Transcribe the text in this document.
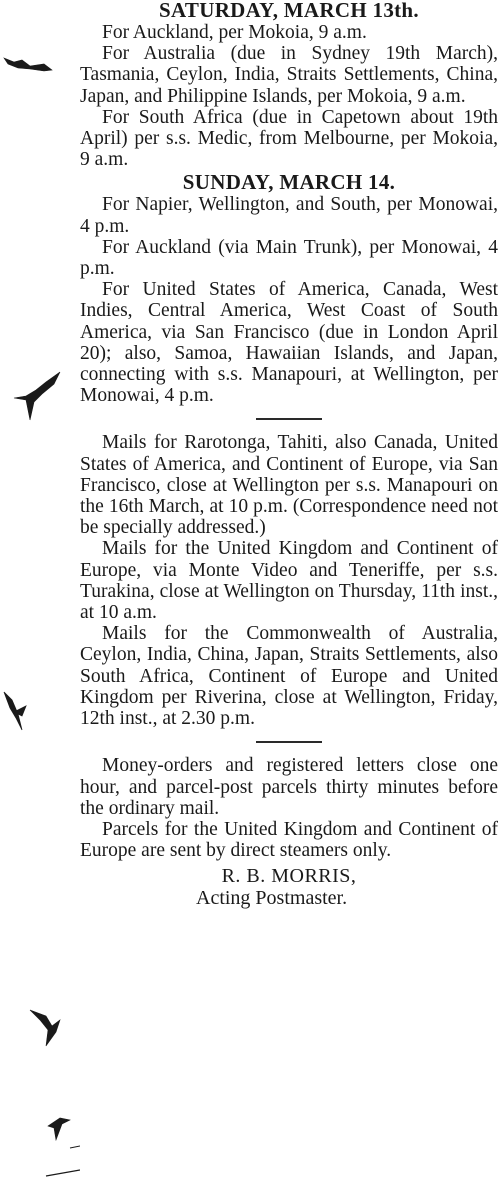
SATURDAY, MARCH 13th.

For Auckland, per Mokoia, 9 a.m.

For Australia (due in Sydney 19th March), Tasmania, Ceylon, India, Straits Settlements, China, Japan, and Philippine Islands, per Mokoia, 9 a.m.

For South Africa (due in Capetown about 19th April) per s.s. Medic, from Melbourne, per Mokoia, 9 a.m.

SUNDAY, MARCH 14.

For Napier, Wellington, and South, per Monowai, 4 p.m.

For Auckland (via Main Trunk), per Monowai, 4 p.m.

For United States of America, Canada, West Indies, Central America, West Coast of South America, via San Francisco (due in London April 20); also, Samoa, Hawaiian Islands, and Japan, connecting with s.s. Manapouri, at Wellington, per Monowai, 4 p.m.

Mails for Rarotonga, Tahiti, also Canada, United States of America, and Continent of Europe, via San Francisco, close at Wellington per s.s. Manapouri on the 16th March, at 10 p.m. (Correspondence need not be specially addressed.)

Mails for the United Kingdom and Continent of Europe, via Monte Video and Teneriffe, per s.s. Turakina, close at Wellington on Thursday, 11th inst., at 10 a.m.

Mails for the Commonwealth of Australia, Ceylon, India, China, Japan, Straits Settlements, also South Africa, Continent of Europe and United Kingdom per Riverina, close at Wellington, Friday, 12th inst., at 2.30 p.m.

Money-orders and registered letters close one hour, and parcel-post parcels thirty minutes before the ordinary mail.

Parcels for the United Kingdom and Continent of Europe are sent by direct steamers only.

R. B. MORRIS,

Acting Postmaster.
